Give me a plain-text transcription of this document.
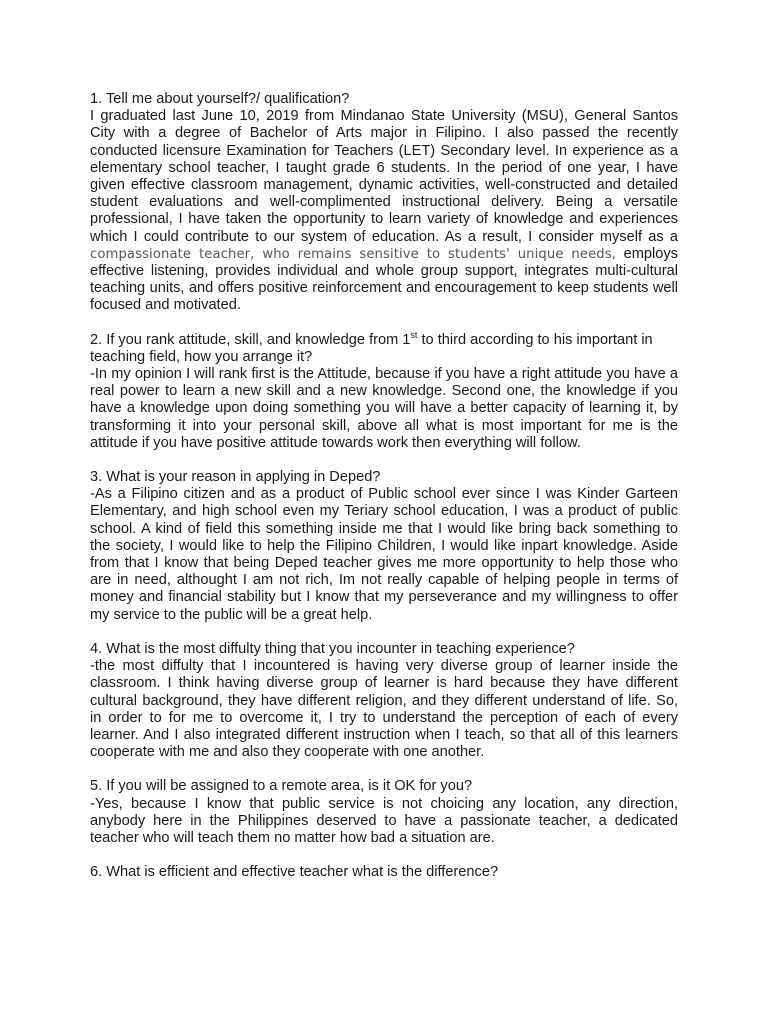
1. Tell me about yourself?/ qualification?

I graduated last June 10, 2019 from Mindanao State University (MSU), General Santos City with a degree of Bachelor of Arts major in Filipino. I also passed the recently conducted licensure Examination for Teachers (LET) Secondary level. In experience as a elementary school teacher, I taught grade 6 students. In the period of one year, I have given effective classroom management, dynamic activities, well-constructed and detailed student evaluations and well-complimented instructional delivery. Being a versatile professional, I have taken the opportunity to learn variety of knowledge and experiences which I could contribute to our system of education. As a result, I consider myself as a compassionate teacher, who remains sensitive to students' unique needs, employs effective listening, provides individual and whole group support, integrates multi-cultural teaching units, and offers positive reinforcement and encouragement to keep students well focused and motivated.

2. If you rank attitude, skill, and knowledge from 1st to third according to his important in teaching field, how you arrange it?

-In my opinion I will rank first is the Attitude, because if you have a right attitude you have a real power to learn a new skill and a new knowledge. Second one, the knowledge if you have a knowledge upon doing something you will have a better capacity of learning it, by transforming it into your personal skill, above all what is most important for me is the attitude if you have positive attitude towards work then everything will follow.

3. What is your reason in applying in Deped?

-As a Filipino citizen and as a product of Public school ever since I was Kinder Garteen Elementary, and high school even my Teriary school education, I was a product of public school. A kind of field this something inside me that I would like bring back something to the society, I would like to help the Filipino Children, I would like inpart knowledge. Aside from that I know that being Deped teacher gives me more opportunity to help those who are in need, althought I am not rich, Im not really capable of helping people in terms of money and financial stability but I know that my perseverance and my willingness to offer my service to the public will be a great help.

4. What is the most diffulty thing that you incounter in teaching experience?

-the most diffulty that I incountered is having very diverse group of learner inside the classroom. I think having diverse group of learner is hard because they have different cultural background, they have different religion, and they different understand of life. So, in order to for me to overcome it, I try to understand the perception of each of every learner. And I also integrated different instruction when I teach, so that all of this learners cooperate with me and also they cooperate with one another.

5. If you will be assigned to a remote area, is it OK for you?

-Yes, because I know that public service is not choicing any location, any direction, anybody here in the Philippines deserved to have a passionate teacher, a dedicated teacher who will teach them no matter how bad a situation are.

6. What is efficient and effective teacher what is the difference?
